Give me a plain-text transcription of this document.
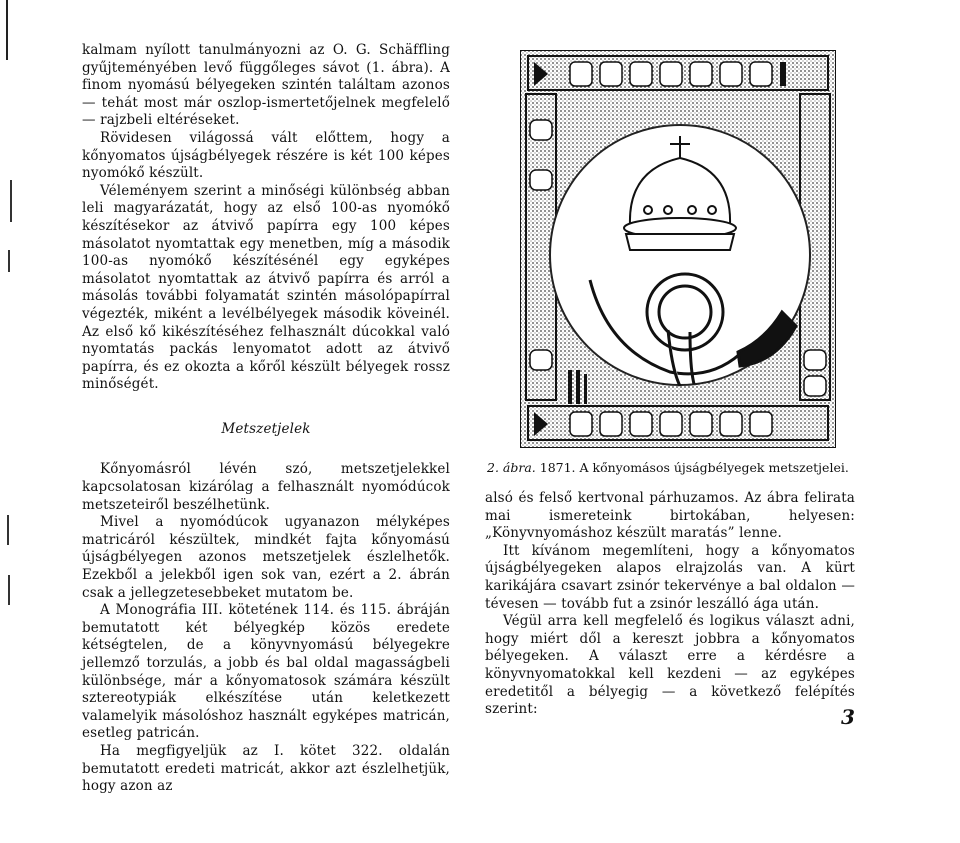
kalmam nyílott tanulmányozni az O. G. Schäffling gyűjteményében levő függőleges sávot (1. ábra). A finom nyomású bélyegeken szintén találtam azonos — tehát most már oszlop-ismertetőjelnek megfelelő — rajzbeli eltéréseket.

Rövidesen világossá vált előttem, hogy a kőnyomatos újságbélyegek részére is két 100 képes nyomókő készült.

Véleményem szerint a minőségi különbség abban leli magyarázatát, hogy az első 100-as nyomókő készítésekor az átvivő papírra egy 100 képes másolatot nyomtattak egy menetben, míg a második 100-as nyomókő készítésénél egy egyképes másolatot nyomtattak az átvivő papírra és arról a másolás további folyamatát szintén másolópapírral végezték, miként a levélbélyegek második köveinél. Az első kő kikészítéséhez felhasznált dúcokkal való nyomtatás packás lenyomatot adott az átvivő papírra, és ez okozta a kőről készült bélyegek rossz minőségét.

Metszetjelek

Kőnyomásról lévén szó, metszetjelekkel kapcsolatosan kizárólag a felhasznált nyomódúcok metszeteiről beszélhetünk.

Mivel a nyomódúcok ugyanazon mélyképes matricáról készültek, mindkét fajta kőnyomású újságbélyegen azonos metszetjelek észlelhetők. Ezekből a jelekből igen sok van, ezért a 2. ábrán csak a jellegzetesebbeket mutatom be.

A Monográfia III. kötetének 114. és 115. ábráján bemutatott két bélyegkép közös eredete kétségtelen, de a könyvnyomású bélyegekre jellemző torzulás, a jobb és bal oldal magasságbeli különbsége, már a kőnyomatosok számára készült sztereotypiák elkészítése után keletkezett valamelyik másolóshoz használt egyképes matricán, esetleg patricán.

Ha megfigyeljük az I. kötet 322. oldalán bemutatott eredeti matricát, akkor azt észlelhetjük, hogy azon az

2. ábra. 1871. A kőnyomásos újságbélyegek metszetjelei.

alsó és felső kertvonal párhuzamos. Az ábra felirata mai ismereteink birtokában, helyesen: „Könyvnyomáshoz készült maratás” lenne.

Itt kívánom megemlíteni, hogy a kőnyomatos újságbélyegeken alapos elrajzolás van. A kürt karikájára csavart zsinór tekervénye a bal oldalon — tévesen — tovább fut a zsinór leszálló ága után.

Végül arra kell megfelelő és logikus választ adni, hogy miért dől a kereszt jobbra a kőnyomatos bélyegeken. A választ erre a kérdésre a könyvnyomatokkal kell kezdeni — az egyképes eredetitől a bélyegig — a következő felépítés szerint:	3
